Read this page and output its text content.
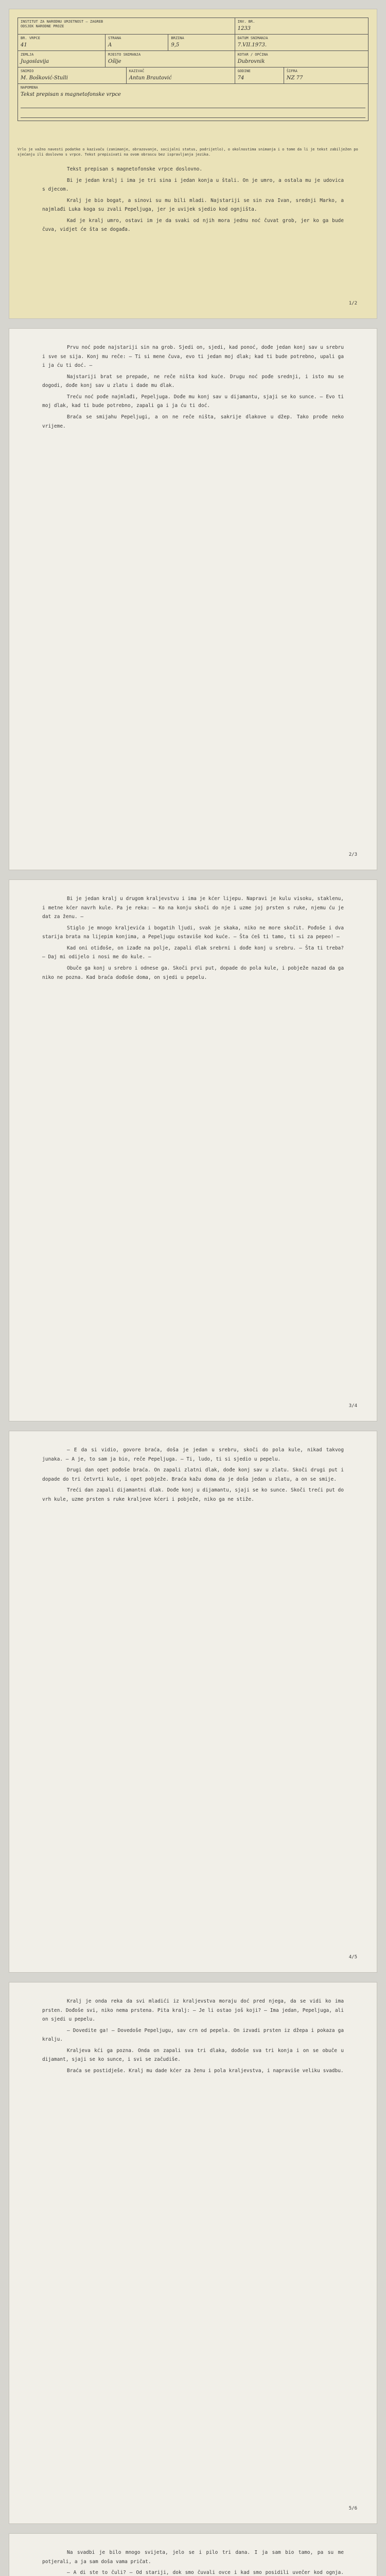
INSTITUT ZA NARODNU UMJETNOST — ZAGREB
ODSJEK NARODNE PROZE
INV. BR.
1233
BR. VRPCE
41
STRANA
A
BRZINA
9,5
DATUM SNIMANJA
7.VII.1973.
ZEMLJA
Jugoslavija
MJESTO SNIMANJA
Ošlje
KOTAR / OPĆINA
Dubrovnik
SNIMIO
M. Bošković-Stulli
KAZIVAČ
Antun Brautović
GODINE
74
ŠIFRA
NZ 77
NAPOMENA
Tekst prepisan s magnetofonske vrpce
Vrlo je važno navesti podatke o kazivaču (zanimanje, obrazovanje, socijalni status, podrijetlo), o okolnostima snimanja i o tome da li je tekst zabilježen po sjećanju ili doslovno s vrpce. Tekst prepisivati na ovom obrascu bez ispravljanja jezika.

Tekst prepisan s magnetofonske vrpce doslovno.

Bi je jedan kralj i ima je tri sina i jedan konja u štali. On je umro, a ostala mu je udovica s djecom.

Kralj je bio bogat, a sinovi su mu bili mladi. Najstariji se sin zva Ivan, srednji Marko, a najmlađi Luka koga su zvali Pepeljuga, jer je uvijek sjedio kod ognjišta.

Kad je kralj umro, ostavi im je da svaki od njih mora jednu noć čuvat grob, jer ko ga bude čuva, vidjet će šta se događa.

1/2

Prvu noć pode najstariji sin na grob. Sjedi on, sjedi, kad ponoć, dođe jedan konj sav u srebru i sve se sija. Konj mu reče: — Ti si mene čuva, evo ti jedan moj dlak; kad ti bude potrebno, upali ga i ja ću ti doć. —

Najstariji brat se prepade, ne reče ništa kod kuće. Drugu noć pođe srednji, i isto mu se dogodi, dođe konj sav u zlatu i dade mu dlak.

Treću noć pođe najmlađi, Pepeljuga. Dođe mu konj sav u dijamantu, sjaji se ko sunce. — Evo ti moj dlak, kad ti bude potrebno, zapali ga i ja ću ti doć.

Braća se smijahu Pepeljugi, a on ne reče ništa, sakrije dlakove u džep. Tako prođe neko vrijeme.

2/3

Bi je jedan kralj u drugom kraljevstvu i ima je kćer lijepu. Napravi je kulu visoku, staklenu, i metne kćer navrh kule. Pa je reka: — Ko na konju skoči do nje i uzme joj prsten s ruke, njemu ću je dat za ženu. —

Stiglo je mnogo kraljevića i bogatih ljudi, svak je skaka, niko ne more skočit. Pođoše i dva starija brata na lijepim konjima, a Pepeljugu ostaviše kod kuće. — Šta ćeš ti tamo, ti si za pepeo! —

Kad oni otiđoše, on izađe na polje, zapali dlak srebrni i dođe konj u srebru. — Šta ti treba? — Daj mi odijelo i nosi me do kule. —

Obuče ga konj u srebro i odnese ga. Skoči prvi put, dopade do pola kule, i pobježe nazad da ga niko ne pozna. Kad braća dođoše doma, on sjedi u pepelu.

3/4

— E da si vidio, govore braća, doša je jedan u srebru, skoči do pola kule, nikad takvog junaka. — A je, to sam ja bio, reče Pepeljuga. — Ti, ludo, ti si sjedio u pepelu.

Drugi dan opet pođoše braća. On zapali zlatni dlak, dođe konj sav u zlatu. Skoči drugi put i dopade do tri četvrti kule, i opet pobježe. Braća kažu doma da je doša jedan u zlatu, a on se smije.

Treći dan zapali dijamantni dlak. Dođe konj u dijamantu, sjaji se ko sunce. Skoči treći put do vrh kule, uzme prsten s ruke kraljeve kćeri i pobježe, niko ga ne stiže.

4/5

Kralj je onda reka da svi mladići iz kraljevstva moraju doć pred njega, da se vidi ko ima prsten. Dođoše svi, niko nema prstena. Pita kralj: — Je li ostao još koji? — Ima jedan, Pepeljuga, ali on sjedi u pepelu.

— Dovedite ga! — Dovedoše Pepeljugu, sav crn od pepela. On izvadi prsten iz džepa i pokaza ga kralju.

Kraljeva kći ga pozna. Onda on zapali sva tri dlaka, dođoše sva tri konja i on se obuče u dijamant, sjaji se ko sunce, i svi se začudiše.

Braća se postidješe. Kralj mu dade kćer za ženu i pola kraljevstva, i napraviše veliku svadbu.

5/6

Na svadbi je bilo mnogo svijeta, jelo se i pilo tri dana. I ja sam bio tamo, pa su me potjerali, a ja sam doša vama pričat.

— A di ste to čuli? — Od stariji, dok smo čuvali ovce i kad smo posidili uvečer kod ognja.
